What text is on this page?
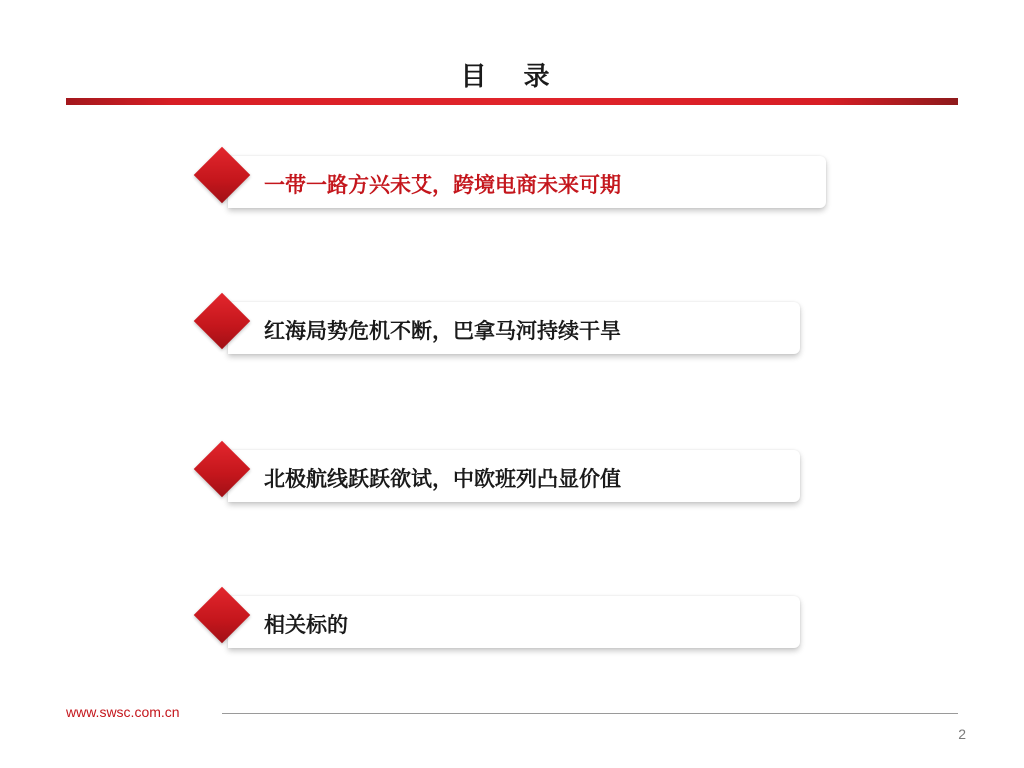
目 录
一带一路方兴未艾，跨境电商未来可期
红海局势危机不断，巴拿马河持续干旱
北极航线跃跃欲试，中欧班列凸显价值
相关标的
www.swsc.com.cn
2
